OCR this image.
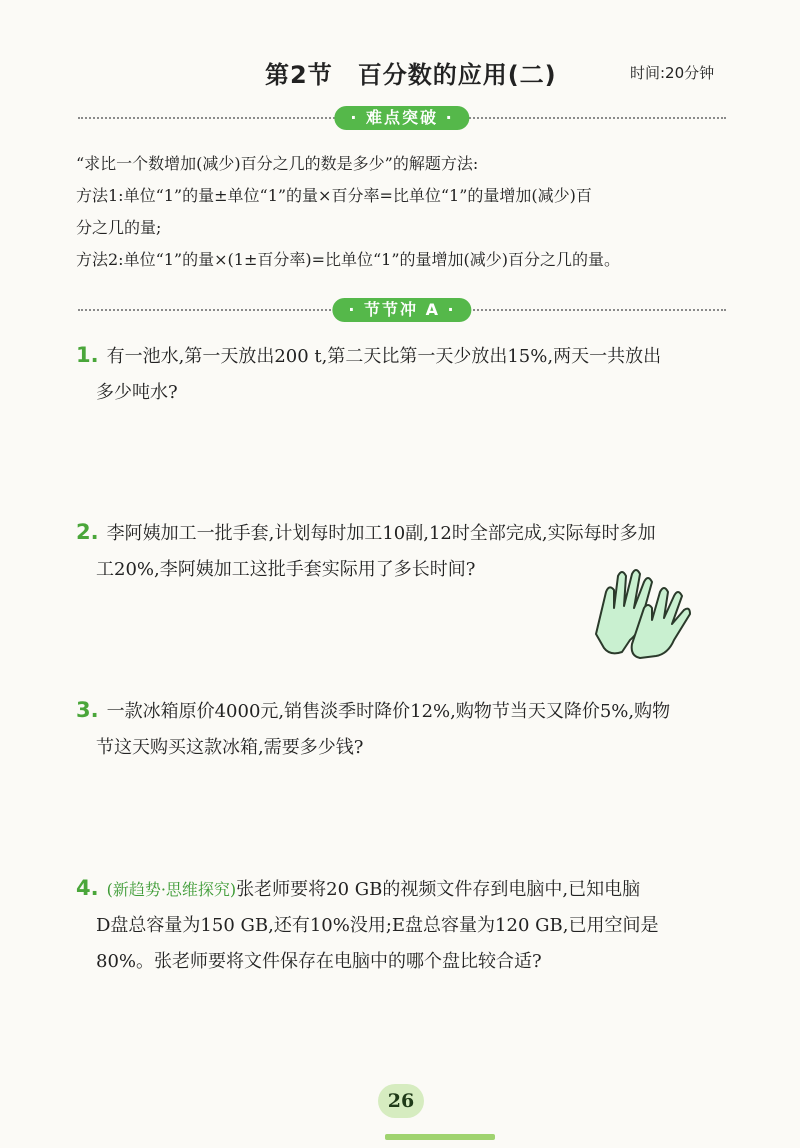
第2节　百分数的应用(二)	时间:20分钟
· 难点突破 ·

“求比一个数增加(减少)百分之几的数是多少”的解题方法:

方法1:单位“1”的量±单位“1”的量×百分率=比单位“1”的量增加(减少)百

分之几的量;

方法2:单位“1”的量×(1±百分率)=比单位“1”的量增加(减少)百分之几的量。

· 节节冲 A ·

1. 有一池水,第一天放出200 t,第二天比第一天少放出15%,两天一共放出

多少吨水?

2. 李阿姨加工一批手套,计划每时加工10副,12时全部完成,实际每时多加

工20%,李阿姨加工这批手套实际用了多长时间?

3. 一款冰箱原价4000元,销售淡季时降价12%,购物节当天又降价5%,购物

节这天购买这款冰箱,需要多少钱?

4. (新趋势·思维探究)张老师要将20 GB的视频文件存到电脑中,已知电脑

D盘总容量为150 GB,还有10%没用;E盘总容量为120 GB,已用空间是

80%。张老师要将文件保存在电脑中的哪个盘比较合适?

26
